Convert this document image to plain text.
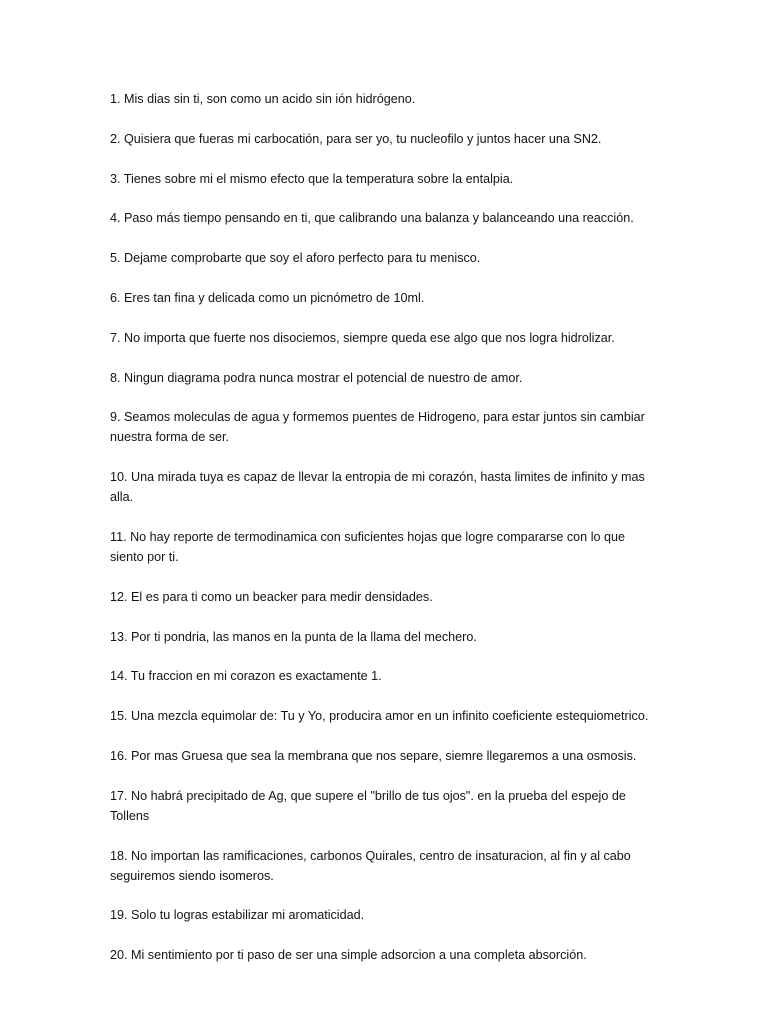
1. Mis dias sin ti, son como un acido sin ión hidrógeno.
2. Quisiera que fueras mi carbocatión, para ser yo, tu nucleofilo y juntos hacer una SN2.
3. Tienes sobre mi el mismo efecto que la temperatura sobre la entalpia.
4. Paso más tiempo pensando en ti, que calibrando una balanza y balanceando una reacción.
5. Dejame comprobarte que soy el aforo perfecto para tu menisco.
6. Eres tan fina y delicada como un picnómetro de 10ml.
7. No importa que fuerte nos disociemos, siempre queda ese algo que nos logra hidrolizar.
8. Ningun diagrama podra nunca mostrar el potencial de nuestro de amor.
9. Seamos moleculas de agua y formemos puentes de Hidrogeno, para estar juntos sin cambiar nuestra forma de ser.
10. Una mirada tuya es capaz de llevar la entropia de mi corazón, hasta limites de infinito y mas alla.
11. No hay reporte de termodinamica con suficientes hojas que logre compararse con lo que siento por ti.
12. El es para ti como un beacker para medir densidades.
13. Por ti pondria, las manos en la punta de la llama del mechero.
14. Tu fraccion en mi corazon es exactamente 1.
15. Una mezcla equimolar de: Tu y Yo, producira amor en un infinito coeficiente estequiometrico.
16. Por mas Gruesa que sea la membrana que nos separe, siemre llegaremos a una osmosis.
17. No habrá precipitado de Ag, que supere el "brillo de tus ojos". en la prueba del espejo de Tollens
18. No importan las ramificaciones, carbonos Quirales, centro de insaturacion, al fin y al cabo seguiremos siendo isomeros.
19. Solo tu logras estabilizar mi aromaticidad.
20. Mi sentimiento por ti paso de ser una simple adsorcion a una completa absorción.
